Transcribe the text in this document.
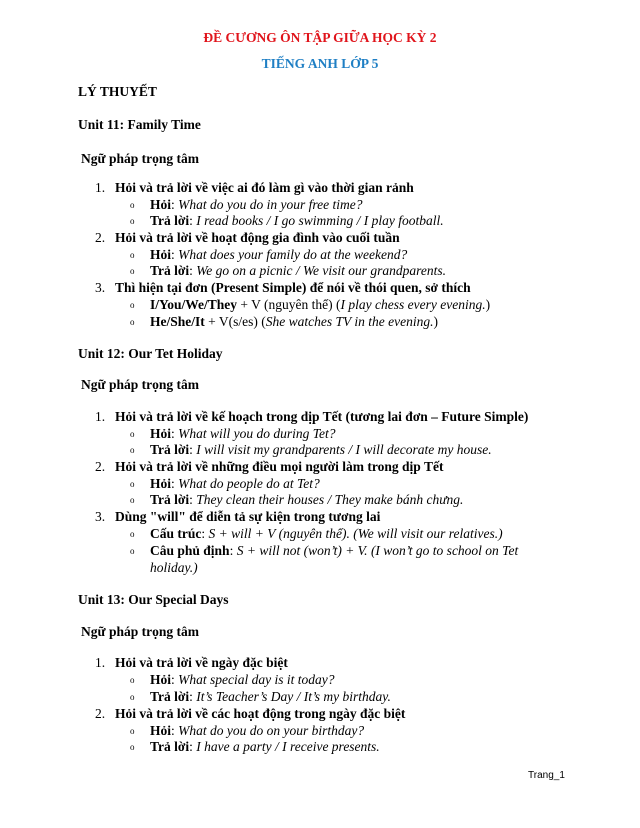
ĐỀ CƯƠNG ÔN TẬP GIỮA HỌC KỲ 2
TIẾNG ANH LỚP 5
LÝ THUYẾT
Unit 11: Family Time
Ngữ pháp trọng tâm
1. Hỏi và trả lời về việc ai đó làm gì vào thời gian rảnh
o Hỏi: What do you do in your free time?
o Trả lời: I read books / I go swimming / I play football.
2. Hỏi và trả lời về hoạt động gia đình vào cuối tuần
o Hỏi: What does your family do at the weekend?
o Trả lời: We go on a picnic / We visit our grandparents.
3. Thì hiện tại đơn (Present Simple) để nói về thói quen, sở thích
o I/You/We/They + V (nguyên thể) (I play chess every evening.)
o He/She/It + V(s/es) (She watches TV in the evening.)
Unit 12: Our Tet Holiday
Ngữ pháp trọng tâm
1. Hỏi và trả lời về kế hoạch trong dịp Tết (tương lai đơn – Future Simple)
o Hỏi: What will you do during Tet?
o Trả lời: I will visit my grandparents / I will decorate my house.
2. Hỏi và trả lời về những điều mọi người làm trong dịp Tết
o Hỏi: What do people do at Tet?
o Trả lời: They clean their houses / They make bánh chưng.
3. Dùng "will" để diễn tả sự kiện trong tương lai
o Cấu trúc: S + will + V (nguyên thể). (We will visit our relatives.)
o Câu phủ định: S + will not (won’t) + V. (I won’t go to school on Tet
holiday.)
Unit 13: Our Special Days
Ngữ pháp trọng tâm
1. Hỏi và trả lời về ngày đặc biệt
o Hỏi: What special day is it today?
o Trả lời: It’s Teacher’s Day / It’s my birthday.
2. Hỏi và trả lời về các hoạt động trong ngày đặc biệt
o Hỏi: What do you do on your birthday?
o Trả lời: I have a party / I receive presents.
Trang_1
